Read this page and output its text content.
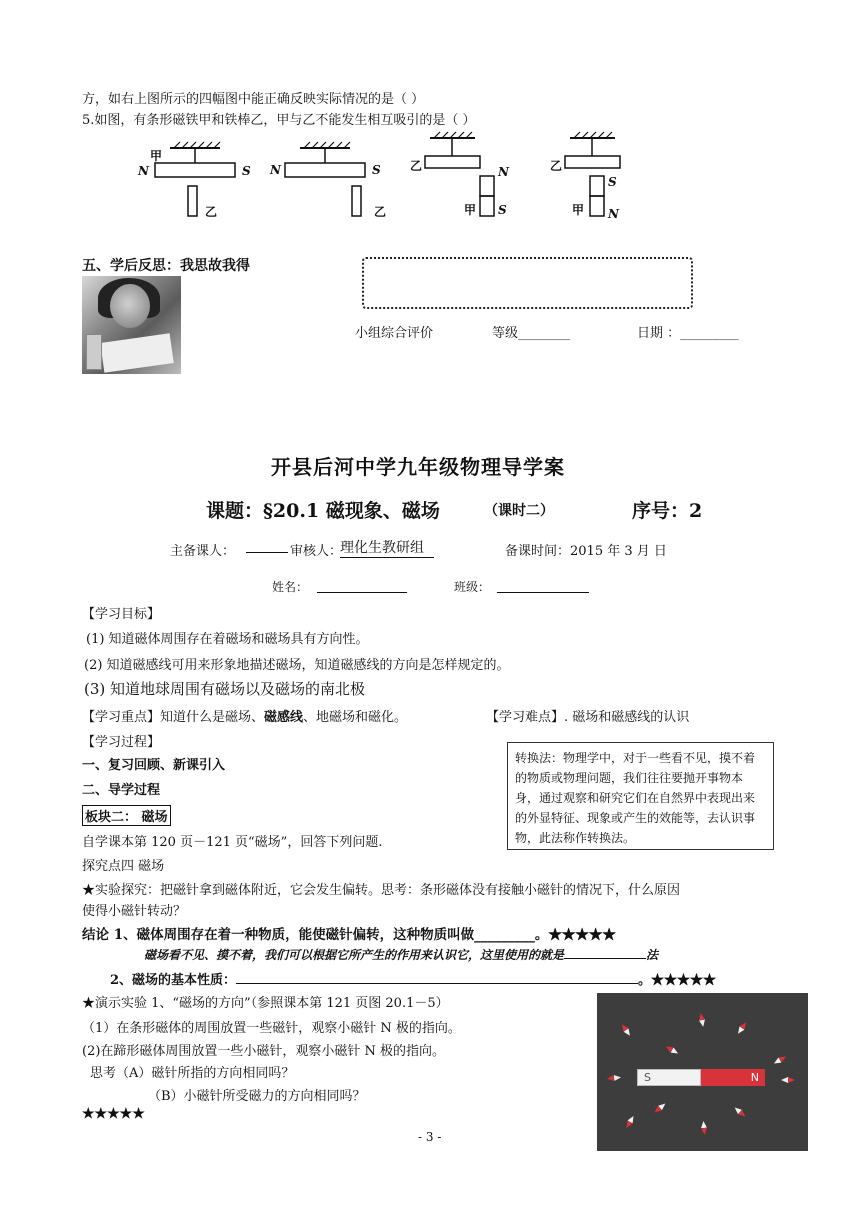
方，如右上图所示的四幅图中能正确反映实际情况的是（ ）
5.如图，有条形磁铁甲和铁棒乙，甲与乙不能发生相互吸引的是（ ）
甲
N	S
乙
N	S
乙
乙	N
甲 S
乙
S
甲 N
五、学后反思：我思故我得
小组综合评价	等级________	日期 ：_________
开县后河中学九年级物理导学案
课题：§20.1 磁现象、磁场	（课时二）	序号：2
主备课人：	审核人：
理化生教研组	备课时间：2015 年 3 月 日
姓名：	班级：
【学习目标】
(1) 知道磁体周围存在着磁场和磁场具有方向性。
(2) 知道磁感线可用来形象地描述磁场，知道磁感线的方向是怎样规定的。
(3) 知道地球周围有磁场以及磁场的南北极
【学习重点】知道什么是磁场、磁感线、地磁场和磁化。	【学习难点】. 磁场和磁感线的认识
【学习过程】
一、复习回顾、新课引入
二、导学过程
板块二： 磁场
自学课本第 120 页－121 页“磁场”，回答下列问题.
探究点四 磁场
★实验探究：把磁针拿到磁体附近，它会发生偏转。思考：条形磁体没有接触小磁针的情况下，什么原因
使得小磁针转动？
结论 1、磁体周围存在着一种物质，能使磁针偏转，这种物质叫做_________。★★★★★
磁场看不见、摸不着，我们可以根据它所产生的作用来认识它，这里使用的就是	法
2、磁场的基本性质：	。★★★★★
★演示实验 1、“磁场的方向”（参照课本第 121 页图 20.1－5）
（1）在条形磁体的周围放置一些磁针，观察小磁针 N 极的指向。
(2)在蹄形磁体周围放置一些小磁针，观察小磁针 N 极的指向。
思考（A）磁针所指的方向相同吗？
（B）小磁针所受磁力的方向相同吗？
★★★★★
转换法：物理学中，对于一些看不见，摸不着的物质或物理问题，我们往往要抛开事物本身，通过观察和研究它们在自然界中表现出来的外显特征、现象或产生的效能等，去认识事物，此法称作转换法。
S	N
- 3 -
